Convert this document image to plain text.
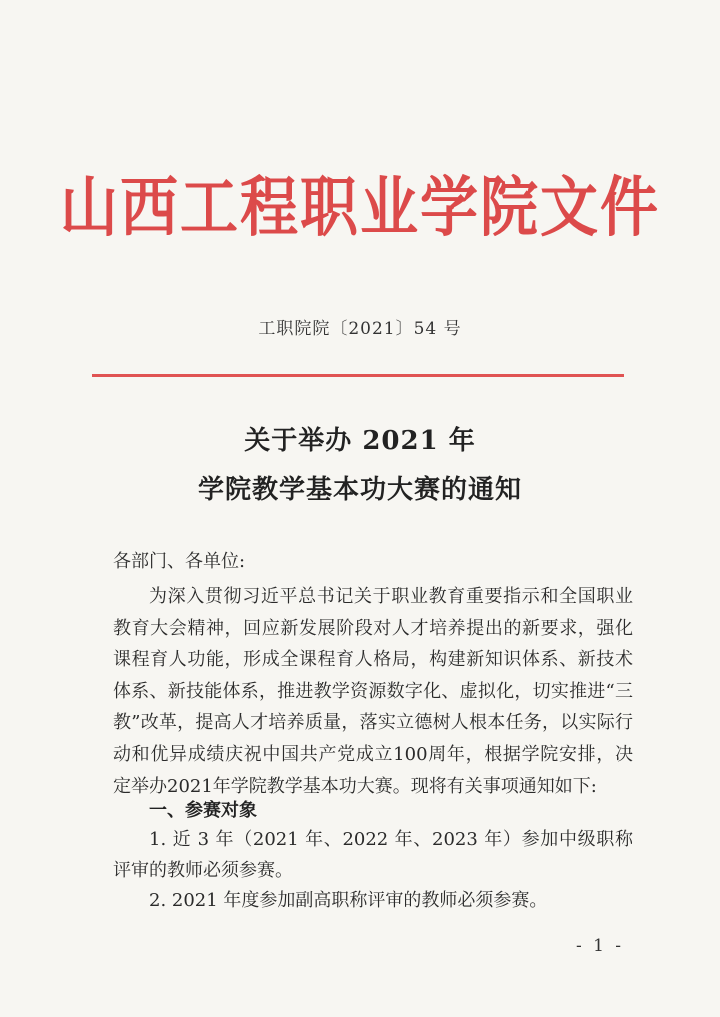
山西工程职业学院文件
工职院院〔2021〕54 号
关于举办 2021 年
学院教学基本功大赛的通知
各部门、各单位:

为深入贯彻习近平总书记关于职业教育重要指示和全国职业教育大会精神，回应新发展阶段对人才培养提出的新要求，强化课程育人功能，形成全课程育人格局，构建新知识体系、新技术体系、新技能体系，推进教学资源数字化、虚拟化，切实推进“三教”改革，提高人才培养质量，落实立德树人根本任务，以实际行动和优异成绩庆祝中国共产党成立100周年，根据学院安排，决定举办2021年学院教学基本功大赛。现将有关事项通知如下:

一、参赛对象

1. 近 3 年（2021 年、2022 年、2023 年）参加中级职称评审的教师必须参赛。

2. 2021 年度参加副高职称评审的教师必须参赛。
- 1 -
